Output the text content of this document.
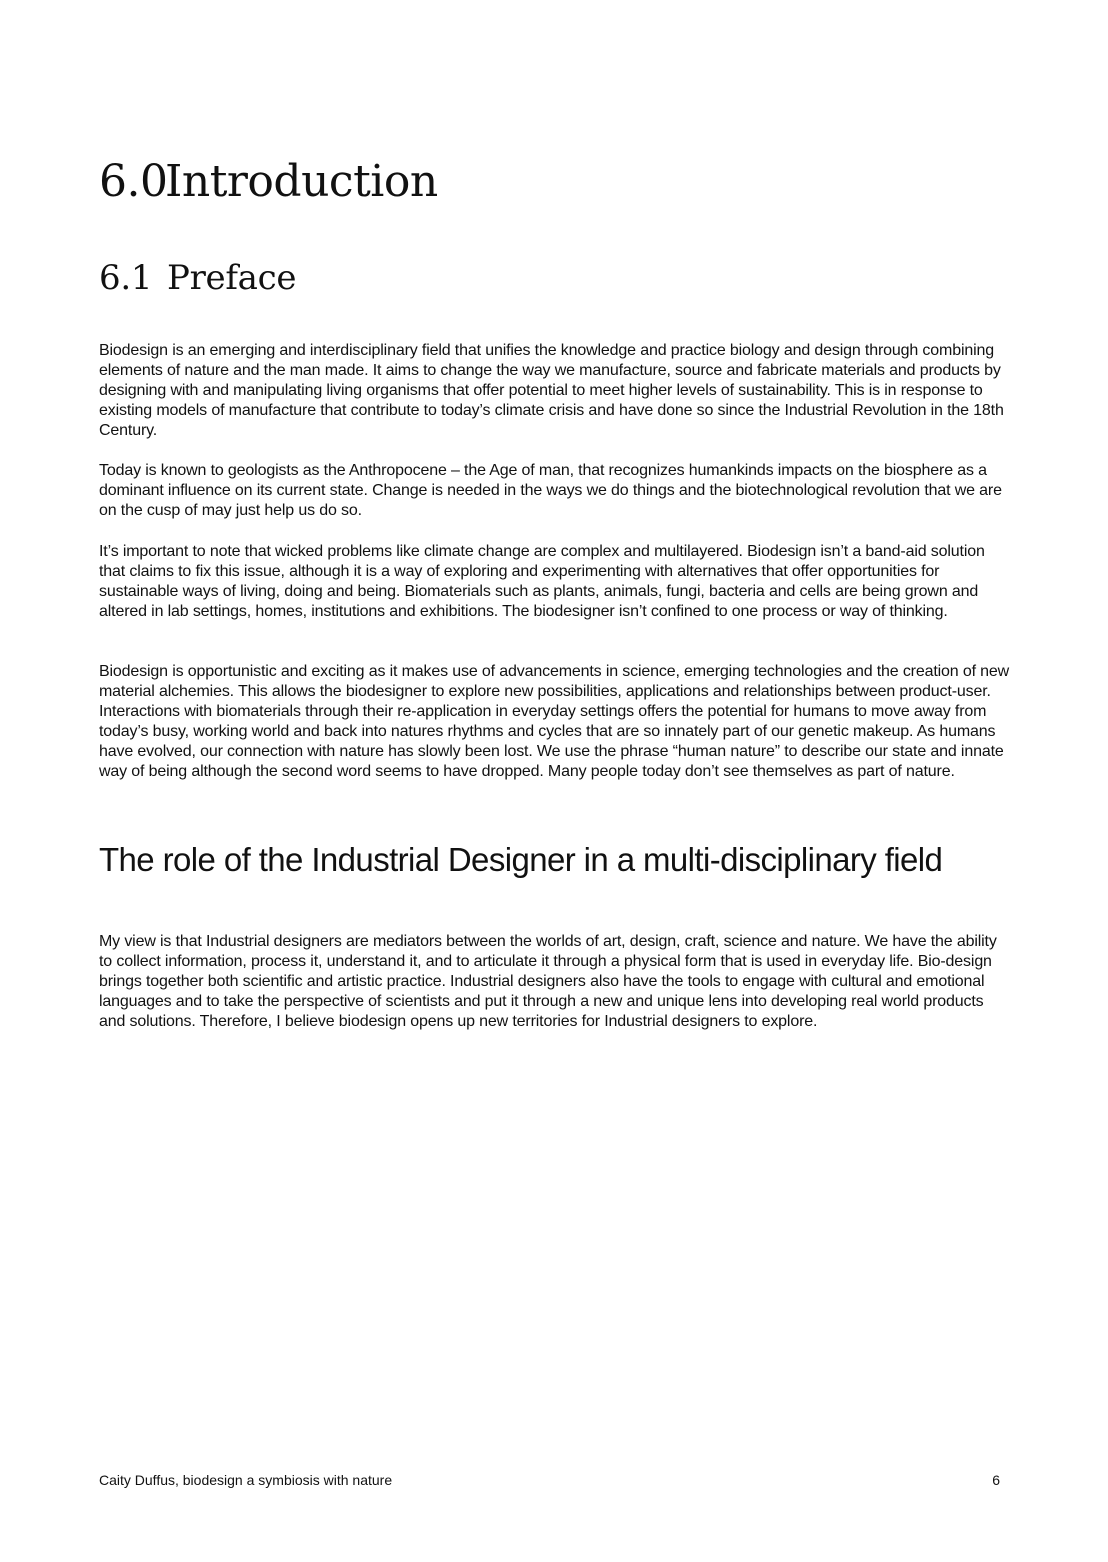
6.0Introduction
6.1 Preface

Biodesign is an emerging and interdisciplinary field that unifies the knowledge and practice biology and design through combining elements of nature and the man made. It aims to change the way we manufacture, source and fabricate materials and products by designing with and manipulating living organisms that offer potential to meet higher levels of sustainability. This is in response to existing models of manufacture that contribute to today’s climate crisis and have done so since the Industrial Revolution in the 18th Century.

Today is known to geologists as the Anthropocene – the Age of man, that recognizes humankinds impacts on the biosphere as a dominant influence on its current state. Change is needed in the ways we do things and the biotechnological revolution that we are on the cusp of may just help us do so.

It’s important to note that wicked problems like climate change are complex and multilayered. Biodesign isn’t a band-aid solution that claims to fix this issue, although it is a way of exploring and experimenting with alternatives that offer opportunities for sustainable ways of living, doing and being. Biomaterials such as plants, animals, fungi, bacteria and cells are being grown and altered in lab settings, homes, institutions and exhibitions. The biodesigner isn’t confined to one process or way of thinking.

Biodesign is opportunistic and exciting as it makes use of advancements in science, emerging technologies and the creation of new material alchemies. This allows the biodesigner to explore new possibilities, applications and relationships between product-user. Interactions with biomaterials through their re-application in everyday settings offers the potential for humans to move away from today’s busy, working world and back into natures rhythms and cycles that are so innately part of our genetic makeup. As humans have evolved, our connection with nature has slowly been lost. We use the phrase “human nature” to describe our state and innate way of being although the second word seems to have dropped. Many people today don’t see themselves as part of nature.

The role of the Industrial Designer in a multi-disciplinary field

My view is that Industrial designers are mediators between the worlds of art, design, craft, science and nature. We have the ability to collect information, process it, understand it, and to articulate it through a physical form that is used in everyday life. Bio-design brings together both scientific and artistic practice. Industrial designers also have the tools to engage with cultural and emotional languages and to take the perspective of scientists and put it through a new and unique lens into developing real world products and solutions. Therefore, I believe biodesign opens up new territories for Industrial designers to explore.

Caity Duffus, biodesign a symbiosis with nature	6
